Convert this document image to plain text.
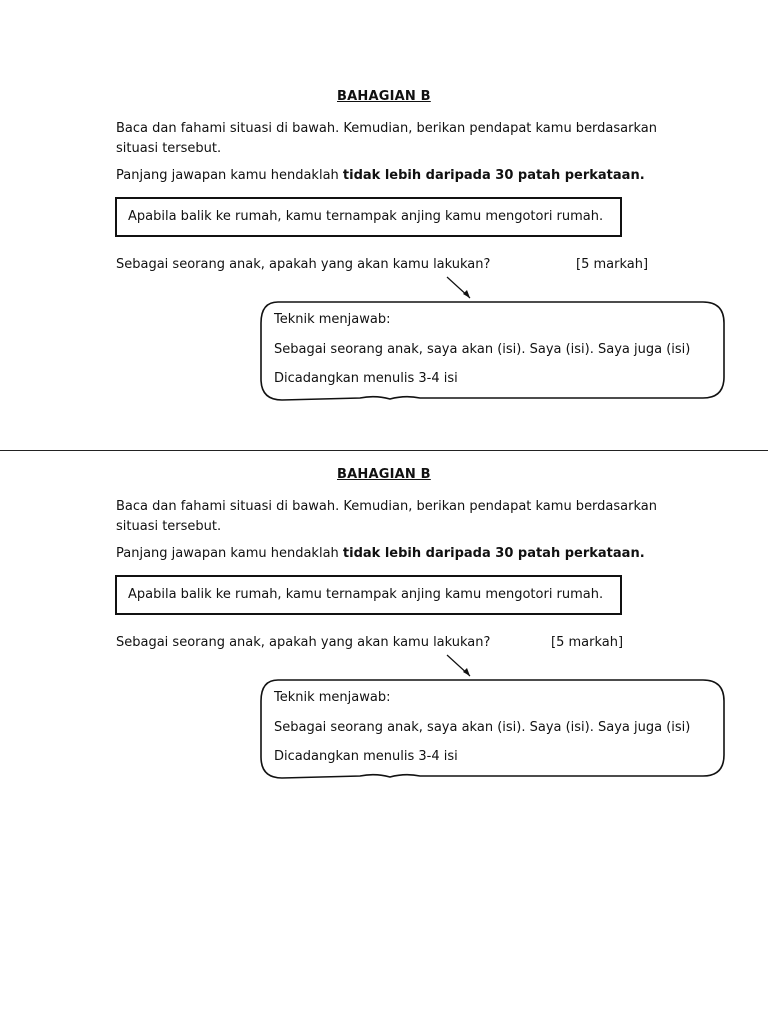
BAHAGIAN B
Baca dan fahami situasi di bawah. Kemudian, berikan pendapat kamu berdasarkan situasi tersebut.
Panjang jawapan kamu hendaklah tidak lebih daripada 30 patah perkataan.
Apabila balik ke rumah, kamu ternampak anjing kamu mengotori rumah.
Sebagai seorang anak, apakah yang akan kamu lakukan?	[5 markah]
Teknik menjawab:
Sebagai seorang anak, saya akan (isi). Saya (isi). Saya juga (isi)
Dicadangkan menulis 3-4 isi
BAHAGIAN B
Baca dan fahami situasi di bawah. Kemudian, berikan pendapat kamu berdasarkan situasi tersebut.
Panjang jawapan kamu hendaklah tidak lebih daripada 30 patah perkataan.
Apabila balik ke rumah, kamu ternampak anjing kamu mengotori rumah.
Sebagai seorang anak, apakah yang akan kamu lakukan?	[5 markah]
Teknik menjawab:
Sebagai seorang anak, saya akan (isi). Saya (isi). Saya juga (isi)
Dicadangkan menulis 3-4 isi
